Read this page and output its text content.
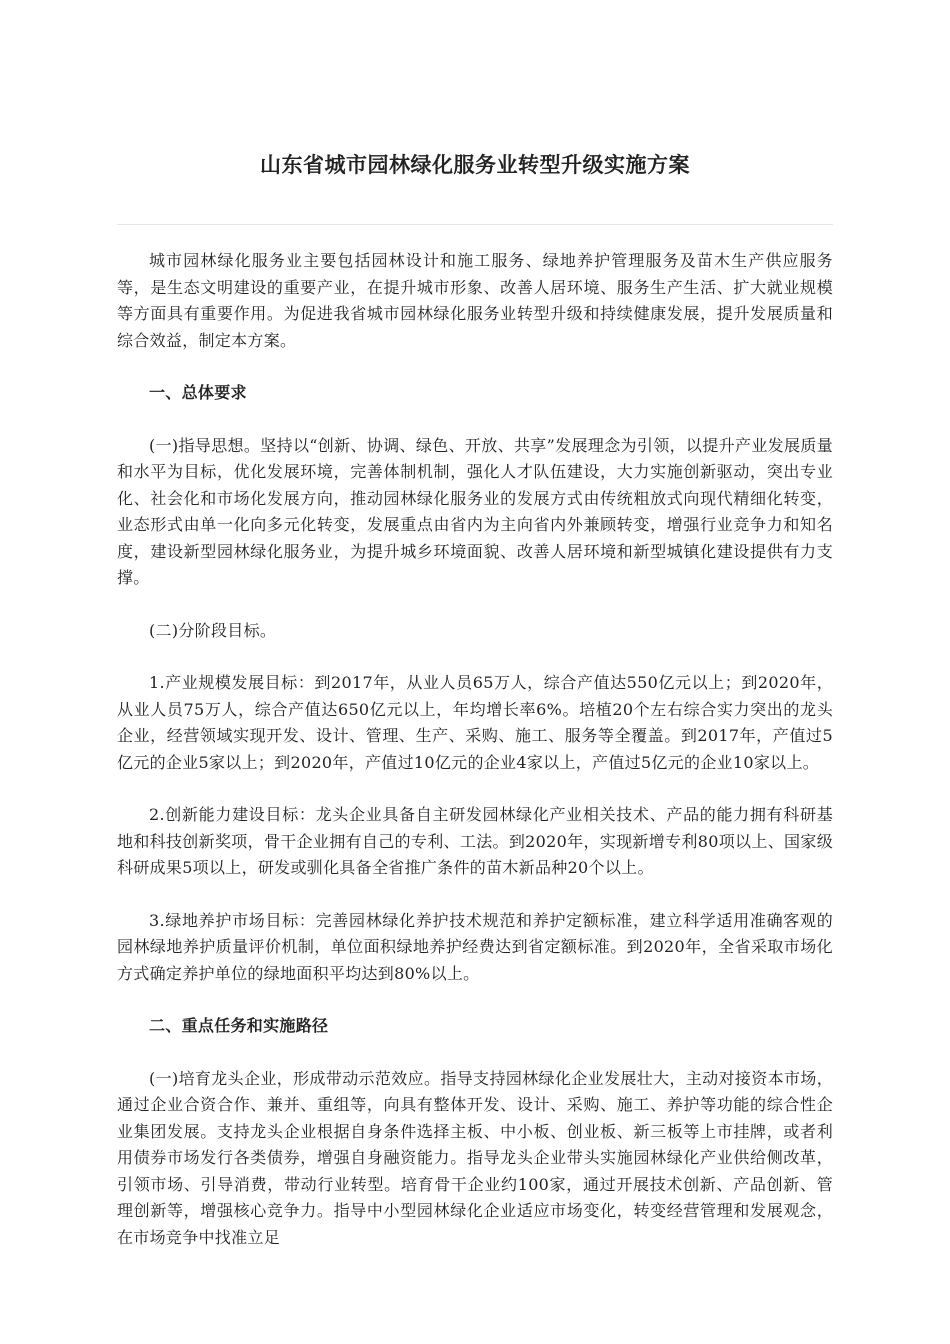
山东省城市园林绿化服务业转型升级实施方案

城市园林绿化服务业主要包括园林设计和施工服务、绿地养护管理服务及苗木生产供应服务等，是生态文明建设的重要产业，在提升城市形象、改善人居环境、服务生产生活、扩大就业规模等方面具有重要作用。为促进我省城市园林绿化服务业转型升级和持续健康发展，提升发展质量和综合效益，制定本方案。

一、总体要求

(一)指导思想。坚持以“创新、协调、绿色、开放、共享”发展理念为引领，以提升产业发展质量和水平为目标，优化发展环境，完善体制机制，强化人才队伍建设，大力实施创新驱动，突出专业化、社会化和市场化发展方向，推动园林绿化服务业的发展方式由传统粗放式向现代精细化转变，业态形式由单一化向多元化转变，发展重点由省内为主向省内外兼顾转变，增强行业竞争力和知名度，建设新型园林绿化服务业，为提升城乡环境面貌、改善人居环境和新型城镇化建设提供有力支撑。

(二)分阶段目标。

1.产业规模发展目标：到2017年，从业人员65万人，综合产值达550亿元以上；到2020年，从业人员75万人，综合产值达650亿元以上，年均增长率6%。培植20个左右综合实力突出的龙头企业，经营领域实现开发、设计、管理、生产、采购、施工、服务等全覆盖。到2017年，产值过5亿元的企业5家以上；到2020年，产值过10亿元的企业4家以上，产值过5亿元的企业10家以上。

2.创新能力建设目标：龙头企业具备自主研发园林绿化产业相关技术、产品的能力拥有科研基地和科技创新奖项，骨干企业拥有自己的专利、工法。到2020年，实现新增专利80项以上、国家级科研成果5项以上，研发或驯化具备全省推广条件的苗木新品种20个以上。

3.绿地养护市场目标：完善园林绿化养护技术规范和养护定额标准，建立科学适用准确客观的园林绿地养护质量评价机制，单位面积绿地养护经费达到省定额标准。到2020年，全省采取市场化方式确定养护单位的绿地面积平均达到80%以上。

二、重点任务和实施路径

(一)培育龙头企业，形成带动示范效应。指导支持园林绿化企业发展壮大，主动对接资本市场，通过企业合资合作、兼并、重组等，向具有整体开发、设计、采购、施工、养护等功能的综合性企业集团发展。支持龙头企业根据自身条件选择主板、中小板、创业板、新三板等上市挂牌，或者利用债券市场发行各类债券，增强自身融资能力。指导龙头企业带头实施园林绿化产业供给侧改革，引领市场、引导消费，带动行业转型。培育骨干企业约100家，通过开展技术创新、产品创新、管理创新等，增强核心竞争力。指导中小型园林绿化企业适应市场变化，转变经营管理和发展观念，在市场竞争中找准立足
